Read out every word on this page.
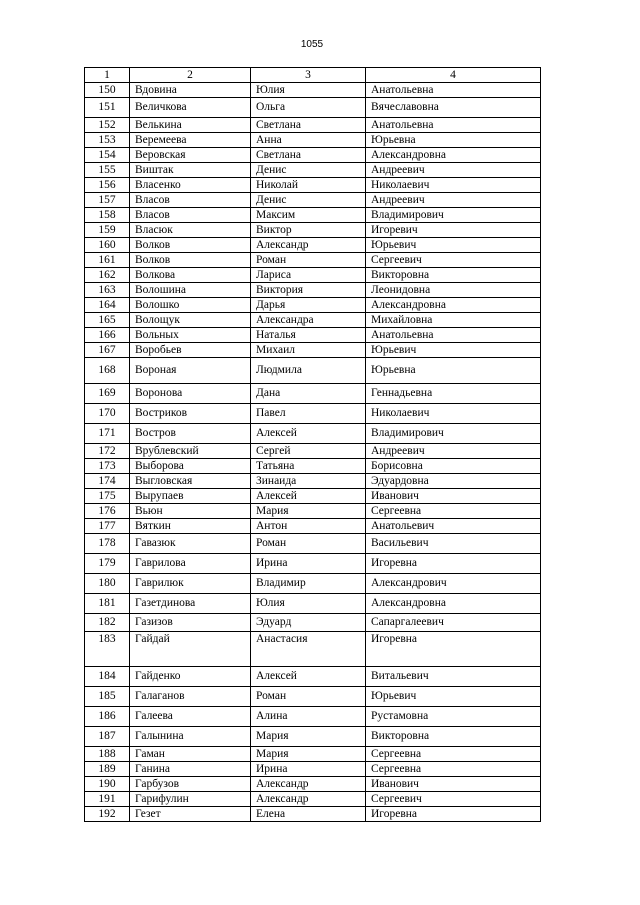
1055
1	2	3	4
150	Вдовина	Юлия	Анатольевна
151	Величкова	Ольга	Вячеславовна
152	Велькина	Светлана	Анатольевна
153	Веремеева	Анна	Юрьевна
154	Веровская	Светлана	Александровна
155	Виштак	Денис	Андреевич
156	Власенко	Николай	Николаевич
157	Власов	Денис	Андреевич
158	Власов	Максим	Владимирович
159	Власюк	Виктор	Игоревич
160	Волков	Александр	Юрьевич
161	Волков	Роман	Сергеевич
162	Волкова	Лариса	Викторовна
163	Волошина	Виктория	Леонидовна
164	Волошко	Дарья	Александровна
165	Волощук	Александра	Михайловна
166	Вольных	Наталья	Анатольевна
167	Воробьев	Михаил	Юрьевич
168	Вороная	Людмила	Юрьевна
169	Воронова	Дана	Геннадьевна
170	Востриков	Павел	Николаевич
171	Востров	Алексей	Владимирович
172	Врублевский	Сергей	Андреевич
173	Выборова	Татьяна	Борисовна
174	Выгловская	Зинаида	Эдуардовна
175	Вырупаев	Алексей	Иванович
176	Вьюн	Мария	Сергеевна
177	Вяткин	Антон	Анатольевич
178	Гавазюк	Роман	Васильевич
179	Гаврилова	Ирина	Игоревна
180	Гаврилюк	Владимир	Александрович
181	Газетдинова	Юлия	Александровна
182	Газизов	Эдуард	Сапаргалеевич
183	Гайдай	Анастасия	Игоревна
184	Гайденко	Алексей	Витальевич
185	Галаганов	Роман	Юрьевич
186	Галеева	Алина	Рустамовна
187	Галынина	Мария	Викторовна
188	Гаман	Мария	Сергеевна
189	Ганина	Ирина	Сергеевна
190	Гарбузов	Александр	Иванович
191	Гарифулин	Александр	Сергеевич
192	Гезет	Елена	Игоревна
